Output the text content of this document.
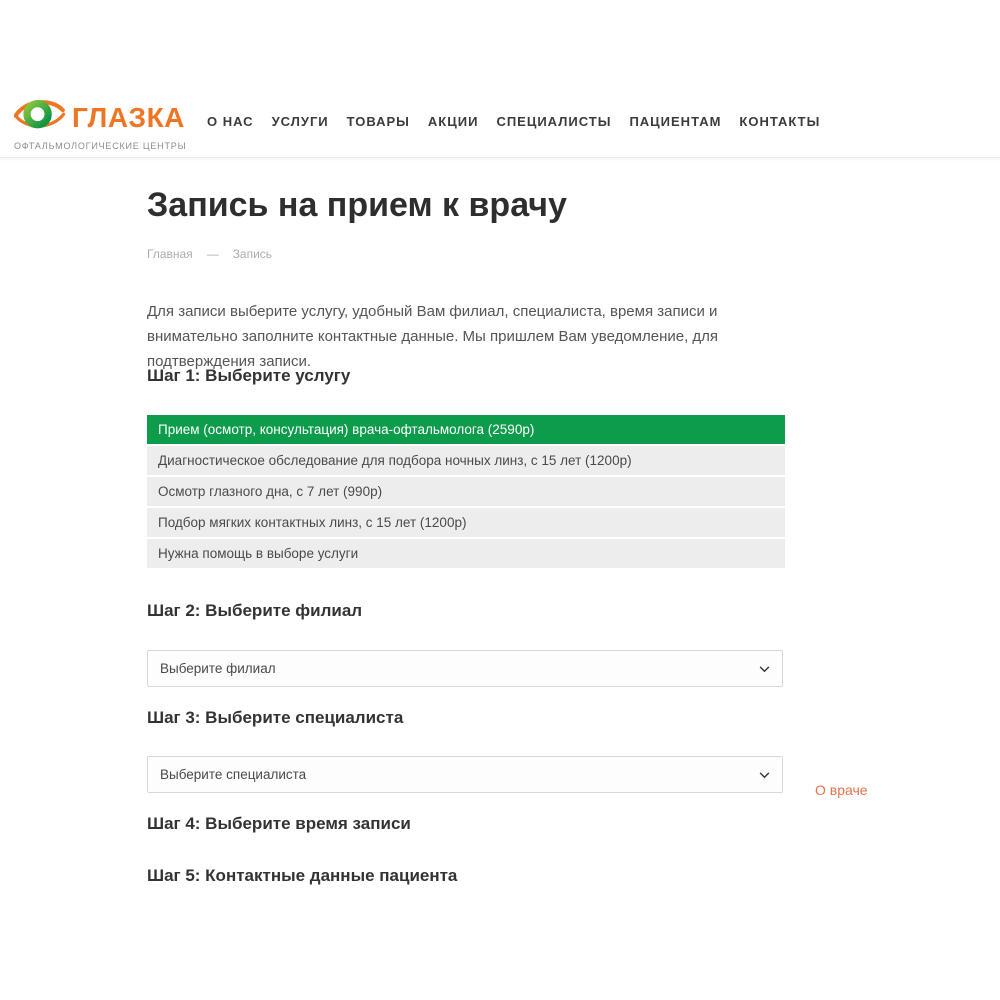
ГЛАЗКА
ОФТАЛЬМОЛОГИЧЕСКИЕ ЦЕНТРЫ
О НАС УСЛУГИ ТОВАРЫ АКЦИИ СПЕЦИАЛИСТЫ ПАЦИЕНТАМ КОНТАКТЫ
Запись на прием к врачу
Главная — Запись

Для записи выберите услугу, удобный Вам филиал, специалиста, время записи и внимательно заполните контактные данные. Мы пришлем Вам уведомление, для подтверждения записи.

Шаг 1: Выберите услугу
Прием (осмотр, консультация) врача-офтальмолога (2590р)
Диагностическое обследование для подбора ночных линз, с 15 лет (1200р)
Осмотр глазного дна, с 7 лет (990р)
Подбор мягких контактных линз, с 15 лет (1200р)
Нужна помощь в выборе услуги
Шаг 2: Выберите филиал
Выберите филиал
Шаг 3: Выберите специалиста
Выберите специалиста
О враче
Шаг 4: Выберите время записи
Шаг 5: Контактные данные пациента
